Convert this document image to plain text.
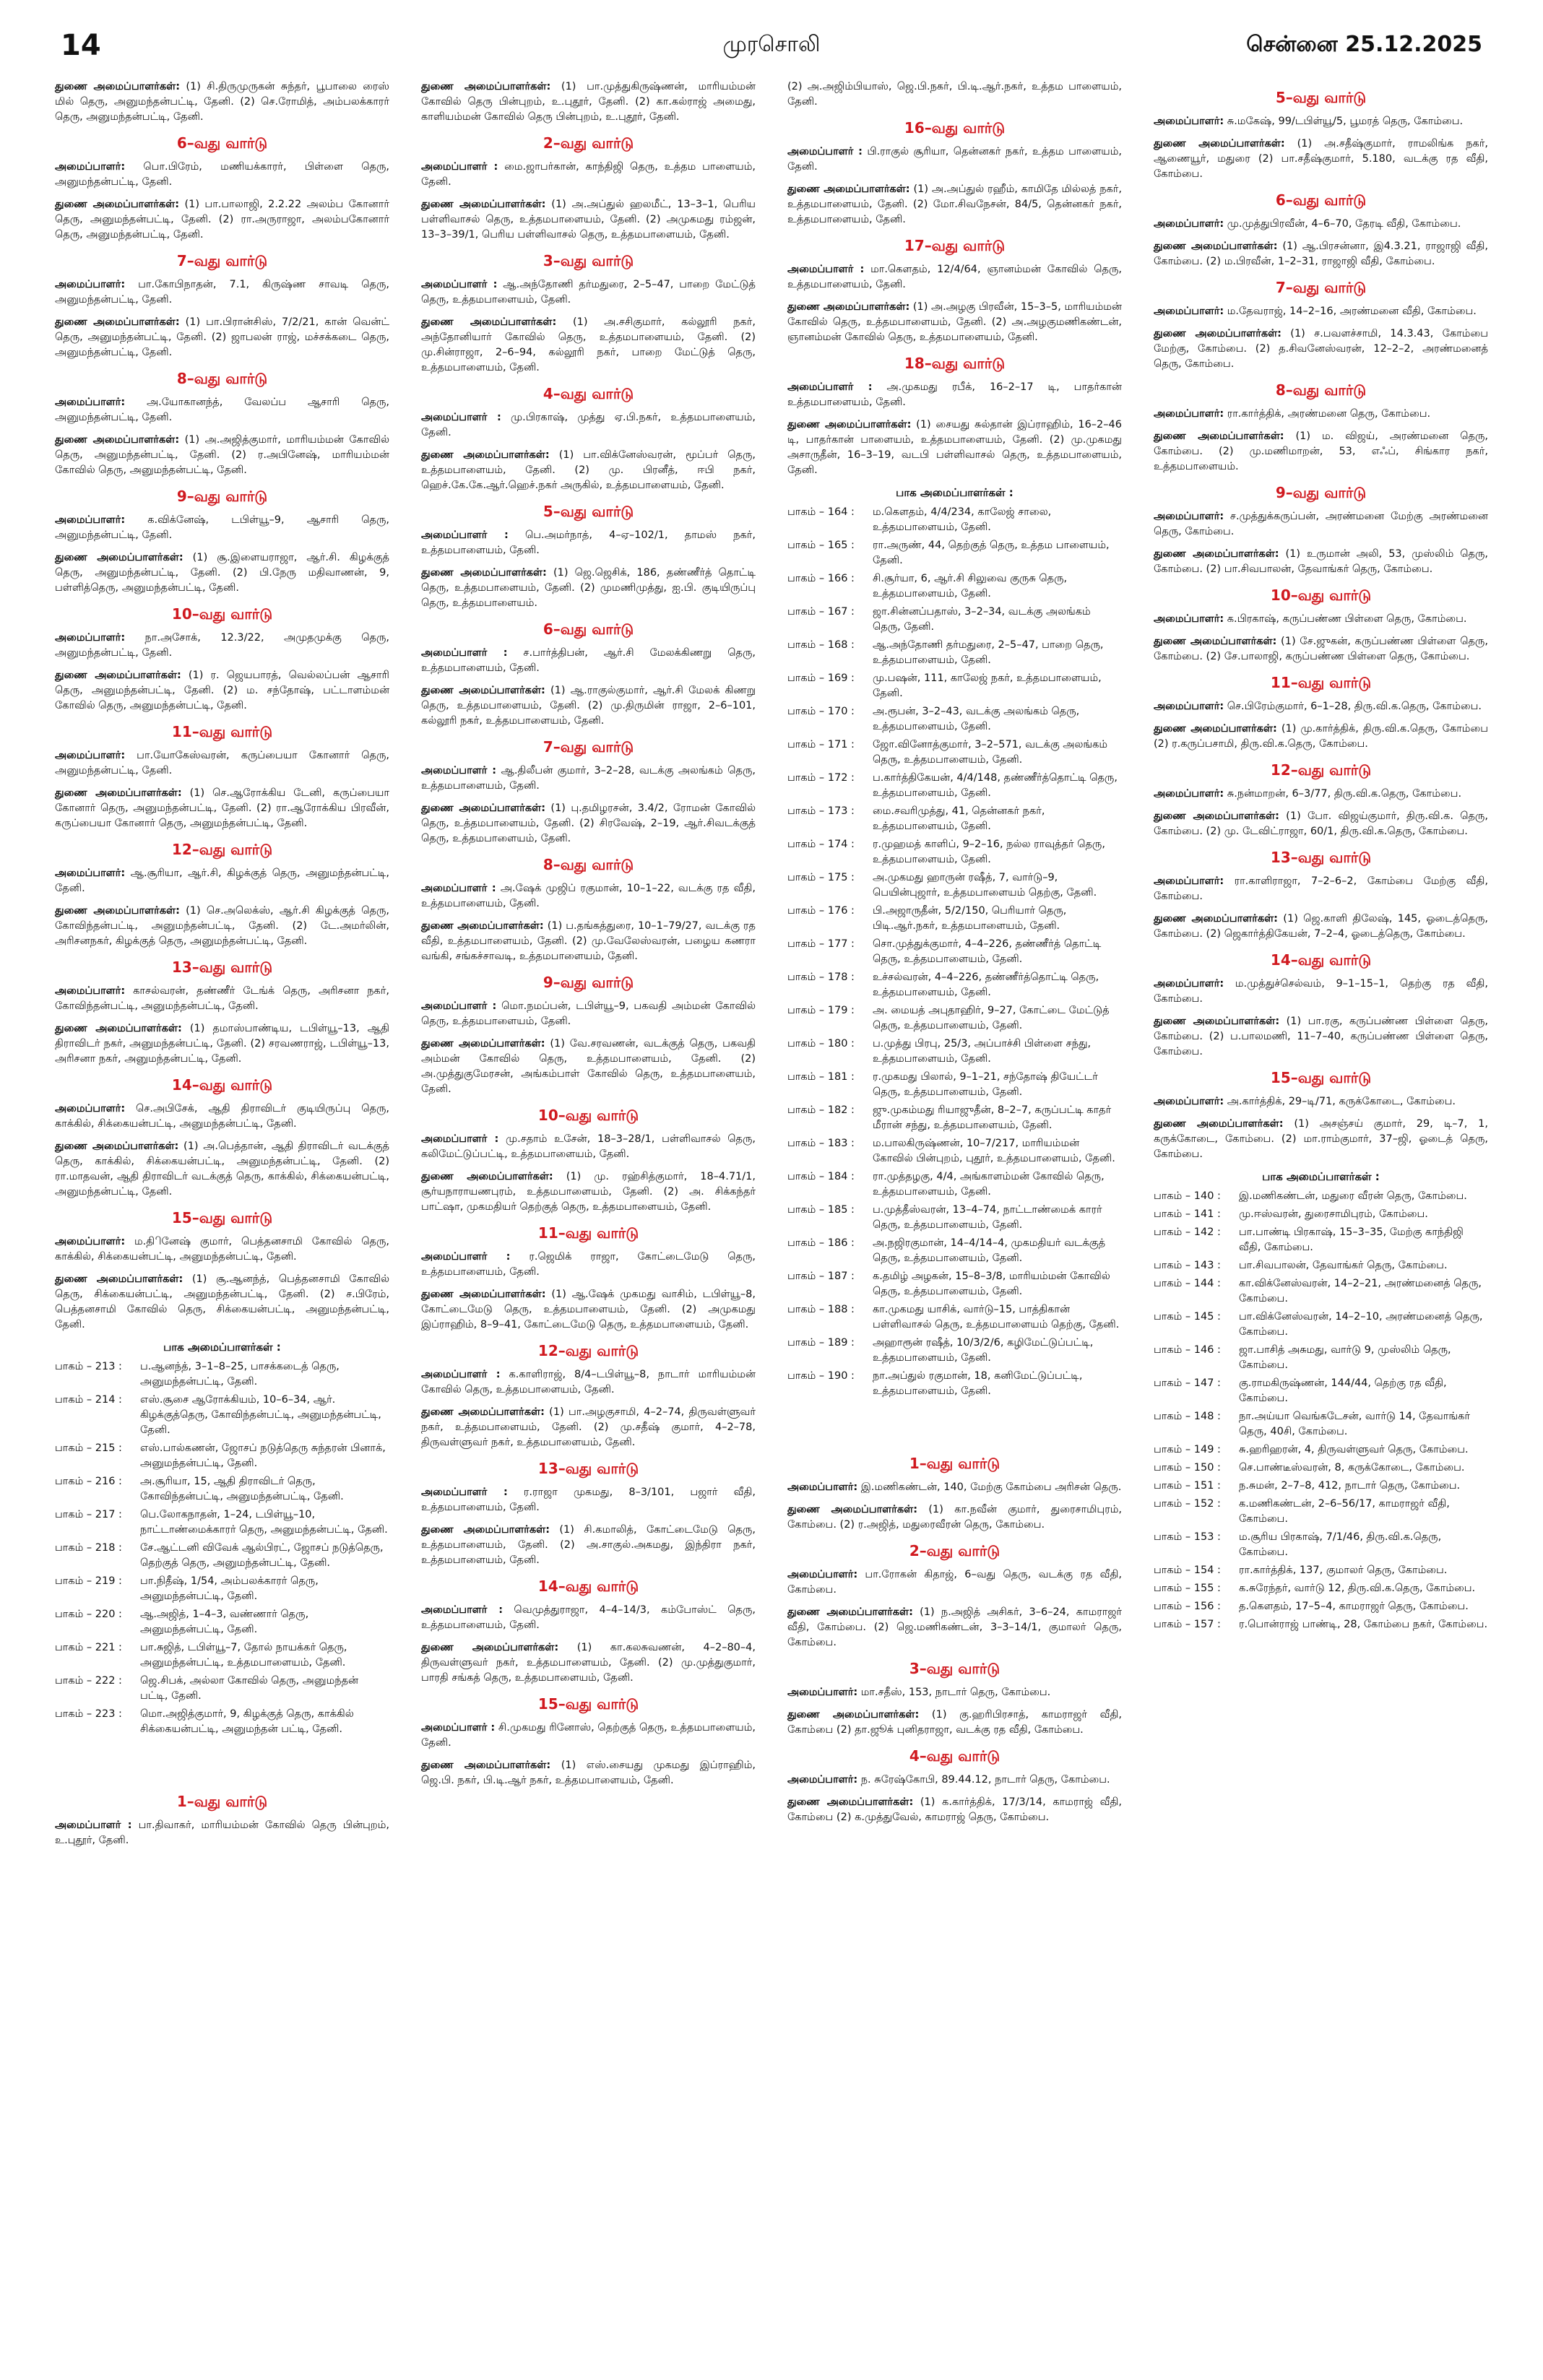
14	முரசொலி	சென்னை 25.12.2025
துணை அமைப்பாளர்கள்: (1) சி.திருமுருகன் சுந்தர், பூபாலை ரைஸ் மில் தெரு, அனுமந்தன்பட்டி, தேனி. (2) செ.ரோமித், அம்பலக்காரர் தெரு, அனுமந்தன்பட்டி, தேனி.
6–வது வார்டு
அமைப்பாளர்: பொ.பிரேம், மணியக்காரர், பிள்ளை தெரு, அனுமந்தன்பட்டி, தேனி.
துணை அமைப்பாளர்கள்: (1) பா.பாலாஜி, 2.2.22 அலம்ப கோனார் தெரு, அனுமந்தன்பட்டி, தேனி. (2) ரா.அருராஜா, அலம்பகோனார் தெரு, அனுமந்தன்பட்டி, தேனி.
7–வது வார்டு
அமைப்பாளர்: பா.கோபிநாதன், 7.1, கிருஷ்ண சாவடி தெரு, அனுமந்தன்பட்டி, தேனி.
துணை அமைப்பாளர்கள்: (1) பா.பிரான்சிஸ், 7/2/21, கான் வென்ட் தெரு, அனுமந்தன்பட்டி, தேனி. (2) ஜாபலன் ராஜ், மச்சக்கடை தெரு, அனுமந்தன்பட்டி, தேனி.
8–வது வார்டு
அமைப்பாளர்: அ.யோகானந்த், வேலப்ப ஆசாரி தெரு, அனுமந்தன்பட்டி, தேனி.
துணை அமைப்பாளர்கள்: (1) அ.அஜித்குமார், மாரியம்மன் கோவில் தெரு, அனுமந்தன்பட்டி, தேனி. (2) ர.அபினேஷ், மாரியம்மன் கோவில் தெரு, அனுமந்தன்பட்டி, தேனி.
9–வது வார்டு
அமைப்பாளர்: க.விக்னேஷ், டபிள்யூ–9, ஆசாரி தெரு, அனுமந்தன்பட்டி, தேனி.
துணை அமைப்பாளர்கள்: (1) சூ.இளையராஜா, ஆர்.சி. கிழக்குத் தெரு, அனுமந்தன்பட்டி, தேனி. (2) பி.நேரு மதிவாணன், 9, பள்ளித்தெரு, அனுமந்தன்பட்டி, தேனி.
10–வது வார்டு
அமைப்பாளர்: நா.அசோக், 12.3/22, அமுதமுக்கு தெரு, அனுமந்தன்பட்டி, தேனி.
துணை அமைப்பாளர்கள்: (1) ர. ஜெயபாரத், வெல்லப்பன் ஆசாரி தெரு, அனுமந்தன்பட்டி, தேனி. (2) ம. சந்தோஷ், பட்டாளம்மன் கோவில் தெரு, அனுமந்தன்பட்டி, தேனி.
11–வது வார்டு
அமைப்பாளர்: பா.யோகேஸ்வரன், கருப்பையா கோனார் தெரு, அனுமந்தன்பட்டி, தேனி.
துணை அமைப்பாளர்கள்: (1) செ.ஆரோக்கிய டேனி, கருப்பையா கோனார் தெரு, அனுமந்தன்பட்டி, தேனி. (2) ரா.ஆரோக்கிய பிரவீன், கருப்பையா கோனார் தெரு, அனுமந்தன்பட்டி, தேனி.
12–வது வார்டு
அமைப்பாளர்: ஆ.சூரியா, ஆர்.சி, கிழக்குத் தெரு, அனுமந்தன்பட்டி, தேனி.
துணை அமைப்பாளர்கள்: (1) செ.அலெக்ஸ், ஆர்.சி கிழக்குத் தெரு, கோவிந்தன்பட்டி, அனுமந்தன்பட்டி, தேனி. (2) டே.அமர்லின், அரிசனநகர், கிழக்குத் தெரு, அனுமந்தன்பட்டி, தேனி.
13–வது வார்டு
அமைப்பாளர்: காசல்வரன், தண்ணீர் டேங்க் தெரு, அரிசனா நகர், கோவிந்தன்பட்டி, அனுமந்தன்பட்டி, தேனி.
துணை அமைப்பாளர்கள்: (1) தமாஸ்பாண்டிய, டபிள்யூ–13, ஆதி திராவிடர் நகர், அனுமந்தன்பட்டி, தேனி. (2) சரவணராஜ், டபிள்யூ–13, அரிசனா நகர், அனுமந்தன்பட்டி, தேனி.
14–வது வார்டு
அமைப்பாளர்: செ.அபிசேக், ஆதி திராவிடர் குடியிருப்பு தெரு, காக்கில், சிக்கையன்பட்டி, அனுமந்தன்பட்டி, தேனி.
துணை அமைப்பாளர்கள்: (1) அ.பெத்தான், ஆதி திராவிடர் வடக்குத் தெரு, காக்கில், சிக்கையன்பட்டி, அனுமந்தன்பட்டி, தேனி. (2) ரா.மாதவன், ஆதி திராவிடர் வடக்குத் தெரு, காக்கில், சிக்கையன்பட்டி, அனுமந்தன்பட்டி, தேனி.
15–வது வார்டு
அமைப்பாளர்: ம.திினேஷ் குமார், பெத்தனசாமி கோவில் தெரு, காக்கில், சிக்கையன்பட்டி, அனுமந்தன்பட்டி, தேனி.
துணை அமைப்பாளர்கள்: (1) சூ.ஆனந்த், பெத்தனசாமி கோவில் தெரு, சிக்கையன்பட்டி, அனுமந்தன்பட்டி, தேனி. (2) ச.பிரேம், பெத்தனசாமி கோவில் தெரு, சிக்கையன்பட்டி, அனுமந்தன்பட்டி, தேனி.
பாக அமைப்பாளர்கள் :
பாகம் – 213 :	ப.ஆனந்த், 3–1–8–25, பாசக்கடைத் தெரு, அனுமந்தன்பட்டி, தேனி.
பாகம் – 214 :	எஸ்.சூசை ஆரோக்கியம், 10–6–34, ஆர். கிழக்குத்தெரு, கோவிந்தன்பட்டி, அனுமந்தன்பட்டி, தேனி.
பாகம் – 215 :	எஸ்.பால்கணன், ஜோசப் நடுத்தெரு சுந்தரன் பினாக், அனுமந்தன்பட்டி, தேனி.
பாகம் – 216 :	அ.சூரியா, 15, ஆதி திராவிடர் தெரு, கோவிந்தன்பட்டி, அனுமந்தன்பட்டி, தேனி.
பாகம் – 217 :	பெ.லோகநாதன், 1–24, டபிள்யூ–10, நாட்டாண்மைக்காரர் தெரு, அனுமந்தன்பட்டி, தேனி.
பாகம் – 218 :	சே.ஆட்டனி விவேக் ஆல்பிரட், ஜோசப் நடுத்தெரு, தெற்குத் தெரு, அனுமந்தன்பட்டி, தேனி.
பாகம் – 219 :	பா.நிதீஷ், 1/54, அம்பலக்காரர் தெரு, அனுமந்தன்பட்டி, தேனி.
பாகம் – 220 :	ஆ.அஜித், 1–4–3, வண்ணார் தெரு, அனுமந்தன்பட்டி, தேனி.
பாகம் – 221 :	பா.சுஜித், டபிள்யூ–7, தோல் நாயக்கர் தெரு, அனுமந்தன்பட்டி, உத்தமபாளையம், தேனி.
பாகம் – 222 :	ஜெ.சிபக், அல்லா கோவில் தெரு, அனுமந்தன் பட்டி, தேனி.
பாகம் – 223 :	மொ.அஜித்குமார், 9, கிழக்குத் தெரு, காக்கில் சிக்கையன்பட்டி, அனுமந்தன் பட்டி, தேனி.
1–வது வார்டு
அமைப்பாளர் : பா.திவாகர், மாரியம்மன் கோவில் தெரு பின்புறம், உ.புதூர், தேனி.
துணை அமைப்பாளர்கள்: (1) பா.முத்துகிருஷ்ணன், மாரியம்மன் கோவில் தெரு பின்புறம், உ.புதூர், தேனி. (2) கா.கல்ராஜ் அமைது, காளியம்மன் கோவில் தெரு பின்புறம், உ.புதூர், தேனி.
2–வது வார்டு
அமைப்பாளர் : மை.ஜாபர்கான், காந்திஜி தெரு, உத்தம பாளையம், தேனி.
துணை அமைப்பாளர்கள்: (1) அ.அப்துல் ஹலமீட், 13–3–1, பெரிய பள்ளிவாசல் தெரு, உத்தமபாளையம், தேனி. (2) அமுகமது ரம்ஜன், 13–3–39/1, பெரிய பள்ளிவாசல் தெரு, உத்தமபாளையம், தேனி.
3–வது வார்டு
அமைப்பாளர் : ஆ.அந்தோணி தர்மதுரை, 2–5–47, பாறை மேட்டுத் தெரு, உத்தமபாளையம், தேனி.
துணை அமைப்பாளர்கள்: (1) அ.சசிகுமார், கல்லூரி நகர், அந்தோனியார் கோவில் தெரு, உத்தமபாளையம், தேனி. (2) மு.சின்ராஜா, 2–6–94, கல்லூரி நகர், பாறை மேட்டுத் தெரு, உத்தமபாளையம், தேனி.
4–வது வார்டு
அமைப்பாளர் : மு.பிரகாஷ், முத்து ஏ.பி.நகர், உத்தமபாளையம், தேனி.
துணை அமைப்பாளர்கள்: (1) பா.விக்னேஸ்வரன், மூப்பர் தெரு, உத்தமபாளையம், தேனி. (2) மு. பிரனீத், ஈபி நகர், ஹெச்.கே.கே.ஆர்.ஹெச்.நகர் அருகில், உத்தமபாளையம், தேனி.
5–வது வார்டு
அமைப்பாளர் : பெ.அமர்நாத், 4–ஏ–102/1, தாமஸ் நகர், உத்தமபாளையம், தேனி.
துணை அமைப்பாளர்கள்: (1) ஜெ.ஜெசிக், 186, தண்ணீர்த் தொட்டி தெரு, உத்தமபாளையம், தேனி. (2) முமணிமுத்து, ஐ.பி. குடியிருப்பு தெரு, உத்தமபாளையம்.
6–வது வார்டு
அமைப்பாளர் : ச.பார்த்திபன், ஆர்.சி மேலக்கிணறு தெரு, உத்தமபாளையம், தேனி.
துணை அமைப்பாளர்கள்: (1) ஆ.ராகுல்குமார், ஆர்.சி மேலக் கிணறு தெரு, உத்தமபாளையம், தேனி. (2) மு.திருமின் ராஜா, 2–6–101, கல்லூரி நகர், உத்தமபாளையம், தேனி.
7–வது வார்டு
அமைப்பாளர் : ஆ.திலீபன் குமார், 3–2–28, வடக்கு அலங்கம் தெரு, உத்தமபாளையம், தேனி.
துணை அமைப்பாளர்கள்: (1) பு.தமிழரசன், 3.4/2, ரோமன் கோவில் தெரு, உத்தமபாளையம், தேனி. (2) சிரவேஷ், 2–19, ஆர்.சிவடக்குத் தெரு, உத்தமபாளையம், தேனி.
8–வது வார்டு
அமைப்பாளர் : அ.ஷேக் முஜிப் ரகுமான், 10–1–22, வடக்கு ரத வீதி, உத்தமபாளையம், தேனி.
துணை அமைப்பாளர்கள்: (1) ப.தங்கத்துரை, 10–1–79/27, வடக்கு ரத வீதி, உத்தமபாளையம், தேனி. (2) மு.வேலேஸ்வரன், பழைய கணரா வங்கி, சங்கச்சாவடி, உத்தமபாளையம், தேனி.
9–வது வார்டு
அமைப்பாளர் : மொ.நமப்பன், டபிள்யூ–9, பகவதி அம்மன் கோவில் தெரு, உத்தமபாளையம், தேனி.
துணை அமைப்பாளர்கள்: (1) வே.சரவணன், வடக்குத் தெரு, பகவதி அம்மன் கோவில் தெரு, உத்தமபாளையம், தேனி. (2) அ.முத்துகுமேரசன், அங்கம்பாள் கோவில் தெரு, உத்தமபாளையம், தேனி.
10–வது வார்டு
அமைப்பாளர் : மு.சதாம் உசேன், 18–3–28/1, பள்ளிவாசல் தெரு, கலிமேட்டுப்பட்டி, உத்தமபாளையம், தேனி.
துணை அமைப்பாளர்கள்: (1) மு. ரஹ்சித்குமார், 18–4.71/1, சூர்யநாராயணபுரம், உத்தமபாளையம், தேனி. (2) அ. சிக்கந்தர் பாட்ஷா, முகமதியர் தெற்குத் தெரு, உத்தமபாளையம், தேனி.
11–வது வார்டு
அமைப்பாளர் : ர.ஜெமிக் ராஜா, கோட்டைமேடு தெரு, உத்தமபாளையம், தேனி.
துணை அமைப்பாளர்கள்: (1) ஆ.ஷேக் முகமது வாசிம், டபிள்யூ–8, கோட்டைமேடு தெரு, உத்தமபாளையம், தேனி. (2) அமுகமது இப்ராஹிம், 8–9–41, கோட்டைமேடு தெரு, உத்தமபாளையம், தேனி.
12–வது வார்டு
அமைப்பாளர் : க.காளிராஜ், 8/4–டபிள்யூ–8, நாடார் மாரியம்மன் கோவில் தெரு, உத்தமபாளையம், தேனி.
துணை அமைப்பாளர்கள்: (1) பா.அழகுசாமி, 4–2–74, திருவள்ளுவர் நகர், உத்தமபாளையம், தேனி. (2) மு.சதீஷ் குமார், 4–2–78, திருவள்ளுவர் நகர், உத்தமபாளையம், தேனி.
13–வது வார்டு
அமைப்பாளர் : ர.ராஜா முகமது, 8–3/101, பஜார் வீதி, உத்தமபாளையம், தேனி.
துணை அமைப்பாளர்கள்: (1) சி.கமாலித், கோட்டைமேடு தெரு, உத்தமபாளையம், தேனி. (2) அ.சாகுல்.அகமது, இந்திரா நகர், உத்தமபாளையம், தேனி.
14–வது வார்டு
அமைப்பாளர் : வெமுத்துராஜா, 4–4–14/3, கம்போஸ்ட் தெரு, உத்தமபாளையம், தேனி.
துணை அமைப்பாளர்கள்: (1) கா.கலசுவணன், 4–2–80–4, திருவள்ளுவர் நகர், உத்தமபாளையம், தேனி. (2) மு.முத்துகுமார், பாரதி சங்கத் தெரு, உத்தமபாளையம், தேனி.
15–வது வார்டு
அமைப்பாளர் : சி.முகமது ரினோஸ், தெற்குத் தெரு, உத்தமபாளையம், தேனி.
துணை அமைப்பாளர்கள்: (1) எஸ்.சையது முகமது இப்ராஹிம், ஜெ.பி. நகர், பி.டி.ஆர் நகர், உத்தமபாளையம், தேனி.
(2) அ.அஜிம்பியாஸ், ஜெ.பி.நகர், பி.டி.ஆர்.நகர், உத்தம பாளையம், தேனி.
16–வது வார்டு
அமைப்பாளர் : பி.ராகுல் சூரியா, தென்னகர் நகர், உத்தம பாளையம், தேனி.
துணை அமைப்பாளர்கள்: (1) அ.அப்துல் ரஹீம், காமிதே மில்லத் நகர், உத்தமபாளையம், தேனி. (2) மோ.சிவநேசன், 84/5, தென்னகர் நகர், உத்தமபாளையம், தேனி.
17–வது வார்டு
அமைப்பாளர் : மா.கௌதம், 12/4/64, ஞானம்மன் கோவில் தெரு, உத்தமபாளையம், தேனி.
துணை அமைப்பாளர்கள்: (1) அ.அழகு பிரவீன், 15–3–5, மாரியம்மன் கோவில் தெரு, உத்தமபாளையம், தேனி. (2) அ.அழகுமணிகண்டன், ஞானம்மன் கோவில் தெரு, உத்தமபாளையம், தேனி.
18–வது வார்டு
அமைப்பாளர் : அ.முகமது ரபீக், 16–2–17 டி, பாதர்கான் உத்தமபாளையம், தேனி.
துணை அமைப்பாளர்கள்: (1) சையது சுல்தான் இப்ராஹிம், 16–2–46 டி, பாதர்கான் பாளையம், உத்தமபாளையம், தேனி. (2) மு.முகமது அசாருதீன், 16–3–19, வடபி பள்ளிவாசல் தெரு, உத்தமபாளையம், தேனி.
பாக அமைப்பாளர்கள் :
பாகம் – 164 :	ம.கௌதம், 4/4/234, காலேஜ் சாலை, உத்தமபாளையம், தேனி.
பாகம் – 165 :	ரா.அருண், 44, தெற்குத் தெரு, உத்தம பாளையம், தேனி.
பாகம் – 166 :	சி.சூர்யா, 6, ஆர்.சி சிலுவை குருசு தெரு, உத்தமபாளையம், தேனி.
பாகம் – 167 :	ஜா.சின்னப்பதாஸ், 3–2–34, வடக்கு அலங்கம் தெரு, தேனி.
பாகம் – 168 :	ஆ.அந்தோணி தர்மதுரை, 2–5–47, பாறை தெரு, உத்தமபாளையம், தேனி.
பாகம் – 169 :	மு.பஷன், 111, காலேஜ் நகர், உத்தமபாளையம், தேனி.
பாகம் – 170 :	அ.ரூபன், 3–2–43, வடக்கு அலங்கம் தெரு, உத்தமபாளையம், தேனி.
பாகம் – 171 :	ஜோ.வினோத்குமார், 3–2–571, வடக்கு அலங்கம் தெரு, உத்தமபாளையம், தேனி.
பாகம் – 172 :	ப.கார்த்திகேயன், 4/4/148, தண்ணீர்த்தொட்டி தெரு, உத்தமபாளையம், தேனி.
பாகம் – 173 :	மை.சவரிமுத்து, 41, தென்னகர் நகர், உத்தமபாளையம், தேனி.
பாகம் – 174 :	ர.முஹமத் காளிப், 9–2–16, நல்ல ராவுத்தர் தெரு, உத்தமபாளையம், தேனி.
பாகம் – 175 :	அ.முகமது ஹாருன் ரஷீத், 7, வார்டு–9, பெயின்புஜார், உத்தமபாளையம் தெற்கு, தேனி.
பாகம் – 176 :	பி.அஜாருதீன், 5/2/150, பெரியார் தெரு, பிடி.ஆர்.நகர், உத்தமபாளையம், தேனி.
பாகம் – 177 :	சொ.முத்துக்குமார், 4–4–226, தண்ணீர்த் தொட்டி தெரு, உத்தமபாளையம், தேனி.
பாகம் – 178 :	உச்சல்வரன், 4–4–226, தண்ணீர்த்தொட்டி தெரு, உத்தமபாளையம், தேனி.
பாகம் – 179 :	அ. மையத் அபுதாஹிர், 9–27, கோட்டை மேட்டுத் தெரு, உத்தமபாளையம், தேனி.
பாகம் – 180 :	ப.முத்து பிரபு, 25/3, அப்பாச்சி பிள்ளை சந்து, உத்தமபாளையம், தேனி.
பாகம் – 181 :	ர.முகமது பிலால், 9–1–21, சந்தோஷ் தியேட்டர் தெரு, உத்தமபாளையம், தேனி.
பாகம் – 182 :	ஜு.முகம்மது ரியாஜுதீன், 8–2–7, கருப்பட்டி காதர் மீரான் சந்து, உத்தமபாளையம், தேனி.
பாகம் – 183 :	ம.பாலகிருஷ்ணன், 10–7/217, மாரியம்மன் கோவில் பின்புறம், புதூர், உத்தமபாளையம், தேனி.
பாகம் – 184 :	ரா.முத்தழகு, 4/4, அங்காளம்மன் கோவில் தெரு, உத்தமபாளையம், தேனி.
பாகம் – 185 :	ப.முத்தீஸ்வரன், 13–4–74, நாட்டாண்மைக் காரர் தெரு, உத்தமபாளையம், தேனி.
பாகம் – 186 :	அ.நஜிரகுமான், 14–4/14–4, முகமதியர் வடக்குத் தெரு, உத்தமபாளையம், தேனி.
பாகம் – 187 :	க.தமிழ் அழகன், 15–8–3/8, மாரியம்மன் கோவில் தெரு, உத்தமபாளையம், தேனி.
பாகம் – 188 :	கா.முகமது யாசிக், வார்டு–15, பாத்திகான் பள்ளிவாசல் தெரு, உத்தமபாளையம் தெற்கு, தேனி.
பாகம் – 189 :	அஹாரூன் ரஷீத், 10/3/2/6, கழிமேட்டுப்பட்டி, உத்தமபாளையம், தேனி.
பாகம் – 190 :	நா.அப்துல் ரகுமான், 18, கனிமேட்டுப்பட்டி, உத்தமபாளையம், தேனி.
1–வது வார்டு
அமைப்பாளர்: இ.மணிகண்டன், 140, மேற்கு கோம்பை அரிசன் தெரு.
துணை அமைப்பாளர்கள்: (1) கா.நவீன் குமார், துரைசாமிபுரம், கோம்பை. (2) ர.அஜித், மதுரைவீரன் தெரு, கோம்பை.
2–வது வார்டு
அமைப்பாளர்: பா.ரோகன் கிதாஜ், 6–வது தெரு, வடக்கு ரத வீதி, கோம்பை.
துணை அமைப்பாளர்கள்: (1) ந.அஜித் அசிகர், 3–6–24, காமராஜர் வீதி, கோம்பை. (2) ஜெ.மணிகண்டன், 3–3–14/1, குமாலர் தெரு, கோம்பை.
3–வது வார்டு
அமைப்பாளர்: மா.சதீஸ், 153, நாடார் தெரு, கோம்பை.
துணை அமைப்பாளர்கள்: (1) கு.ஹரிபிரசாத், காமராஜர் வீதி, கோம்பை (2) தா.ஜூக் புனிதராஜா, வடக்கு ரத வீதி, கோம்பை.
4–வது வார்டு
அமைப்பாளர்: ந. சுரேஷ்கோபி, 89.44.12, நாடார் தெரு, கோம்பை.
துணை அமைப்பாளர்கள்: (1) க.கார்த்திக், 17/3/14, காமராஜ் வீதி, கோம்பை (2) க.முத்துவேல், காமராஜ் தெரு, கோம்பை.
5–வது வார்டு
அமைப்பாளர்: சு.மகேஷ், 99/டபிள்யூ/5, பூமரத் தெரு, கோம்பை.
துணை அமைப்பாளர்கள்: (1) அ.சதீஷ்குமார், ராமலிங்க நகர், ஆணையூர், மதுரை (2) பா.சதீஷ்குமார், 5.180, வடக்கு ரத வீதி, கோம்பை.
6–வது வார்டு
அமைப்பாளர்: மு.முத்துபிரவீன், 4–6–70, தேரடி வீதி, கோம்பை.
துணை அமைப்பாளர்கள்: (1) ஆ.பிரசன்னா, இ4.3.21, ராஜாஜி வீதி, கோம்பை. (2) ம.பிரவீன், 1–2–31, ராஜாஜி வீதி, கோம்பை.
7–வது வார்டு
அமைப்பாளர்: ம.தேவராஜ், 14–2–16, அரண்மனை வீதி, கோம்பை.
துணை அமைப்பாளர்கள்: (1) ச.பவளச்சாமி, 14.3.43, கோம்பை மேற்கு, கோம்பை. (2) த.சிவனேஸ்வரன், 12–2–2, அரண்மனைத் தெரு, கோம்பை.
8–வது வார்டு
அமைப்பாளர்: ரா.கார்த்திக், அரண்மனை தெரு, கோம்பை.
துணை அமைப்பாளர்கள்: (1) ம. விஜய், அரண்மனை தெரு, கோம்பை. (2) மு.மணிமாறன், 53, எஃப், சிங்கார நகர், உத்தமபாளையம்.
9–வது வார்டு
அமைப்பாளர்: ச.முத்துக்கருப்பன், அரண்மனை மேற்கு அரண்மனை தெரு, கோம்பை.
துணை அமைப்பாளர்கள்: (1) உருமான் அலி, 53, முஸ்லிம் தெரு, கோம்பை. (2) பா.சிவபாலன், தேவாங்கர் தெரு, கோம்பை.
10–வது வார்டு
அமைப்பாளர்: க.பிரகாஷ், கருப்பண்ண பிள்ளை தெரு, கோம்பை.
துணை அமைப்பாளர்கள்: (1) சே.ஜுகன், கருப்பண்ண பிள்ளை தெரு, கோம்பை. (2) சே.பாலாஜி, கருப்பண்ண பிள்ளை தெரு, கோம்பை.
11–வது வார்டு
அமைப்பாளர்: செ.பிரேம்குமார், 6–1–28, திரு.வி.க.தெரு, கோம்பை.
துணை அமைப்பாளர்கள்: (1) மு.கார்த்திக், திரு.வி.க.தெரு, கோம்பை (2) ர.கருப்பசாமி, திரு.வி.க.தெரு, கோம்பை.
12–வது வார்டு
அமைப்பாளர்: சு.நன்மாறன், 6–3/77, திரு.வி.க.தெரு, கோம்பை.
துணை அமைப்பாளர்கள்: (1) போ. விஜய்குமார், திரு.வி.க. தெரு, கோம்பை. (2) மு. டேவிட்ராஜா, 60/1, திரு.வி.க.தெரு, கோம்பை.
13–வது வார்டு
அமைப்பாளர்: ரா.காளிராஜா, 7–2–6–2, கோம்பை மேற்கு வீதி, கோம்பை.
துணை அமைப்பாளர்கள்: (1) ஜெ.காளி திலேஷ், 145, ஓடைத்தெரு, கோம்பை. (2) ஜெகார்த்திகேயன், 7–2–4, ஓடைத்தெரு, கோம்பை.
14–வது வார்டு
அமைப்பாளர்: ம.முத்துச்செல்வம், 9–1–15–1, தெற்கு ரத வீதி, கோம்பை.
துணை அமைப்பாளர்கள்: (1) பா.ரகு, கருப்பண்ண பிள்ளை தெரு, கோம்பை. (2) ப.பாலமணி, 11–7–40, கருப்பண்ண பிள்ளை தெரு, கோம்பை.
15–வது வார்டு
அமைப்பாளர்: அ.கார்த்திக், 29–டி/71, கருக்கோடை, கோம்பை.
துணை அமைப்பாளர்கள்: (1) அசஞ்சய் குமார், 29, டி–7, 1, கருக்கோடை, கோம்பை. (2) மா.ராம்குமார், 37–ஜி, ஓடைத் தெரு, கோம்பை.
பாக அமைப்பாளர்கள் :
பாகம் – 140 :	இ.மணிகண்டன், மதுரை வீரன் தெரு, கோம்பை.
பாகம் – 141 :	மு.ஈஸ்வரன், துரைசாமிபுரம், கோம்பை.
பாகம் – 142 :	பா.பாண்டி பிரகாஷ், 15–3–35, மேற்கு காந்திஜி வீதி, கோம்பை.
பாகம் – 143 :	பா.சிவபாலன், தேவாங்கர் தெரு, கோம்பை.
பாகம் – 144 :	கா.விக்னேஸ்வரன், 14–2–21, அரண்மனைத் தெரு, கோம்பை.
பாகம் – 145 :	பா.விக்னேஸ்வரன், 14–2–10, அரண்மனைத் தெரு, கோம்பை.
பாகம் – 146 :	ஜா.பாசித் அசுமது, வார்டு 9, முஸ்லிம் தெரு, கோம்பை.
பாகம் – 147 :	கு.ராமகிருஷ்ணன், 144/44, தெற்கு ரத வீதி, கோம்பை.
பாகம் – 148 :	நா.அய்யா வெங்கடேசன், வார்டு 14, தேவாங்கர் தெரு, 40சி, கோம்பை.
பாகம் – 149 :	சு.ஹரிஹரன், 4, திருவள்ளுவர் தெரு, கோம்பை.
பாகம் – 150 :	செ.பாண்டீஸ்வரன், 8, கருக்கோடை, கோம்பை.
பாகம் – 151 :	ந.சுமன், 2–7–8, 412, நாடார் தெரு, கோம்பை.
பாகம் – 152 :	க.மணிகண்டன், 2–6–56/17, காமராஜர் வீதி, கோம்பை.
பாகம் – 153 :	ம.சூரிய பிரகாஷ், 7/1/46, திரு.வி.க.தெரு, கோம்பை.
பாகம் – 154 :	ரா.கார்த்திக், 137, குமாலர் தெரு, கோம்பை.
பாகம் – 155 :	க.சுரேந்தர், வார்டு 12, திரு.வி.க.தெரு, கோம்பை.
பாகம் – 156 :	த.கௌதம், 17–5–4, காமராஜர் தெரு, கோம்பை.
பாகம் – 157 :	ர.பொன்ராஜ் பாண்டி, 28, கோம்பை நகர், கோம்பை.
